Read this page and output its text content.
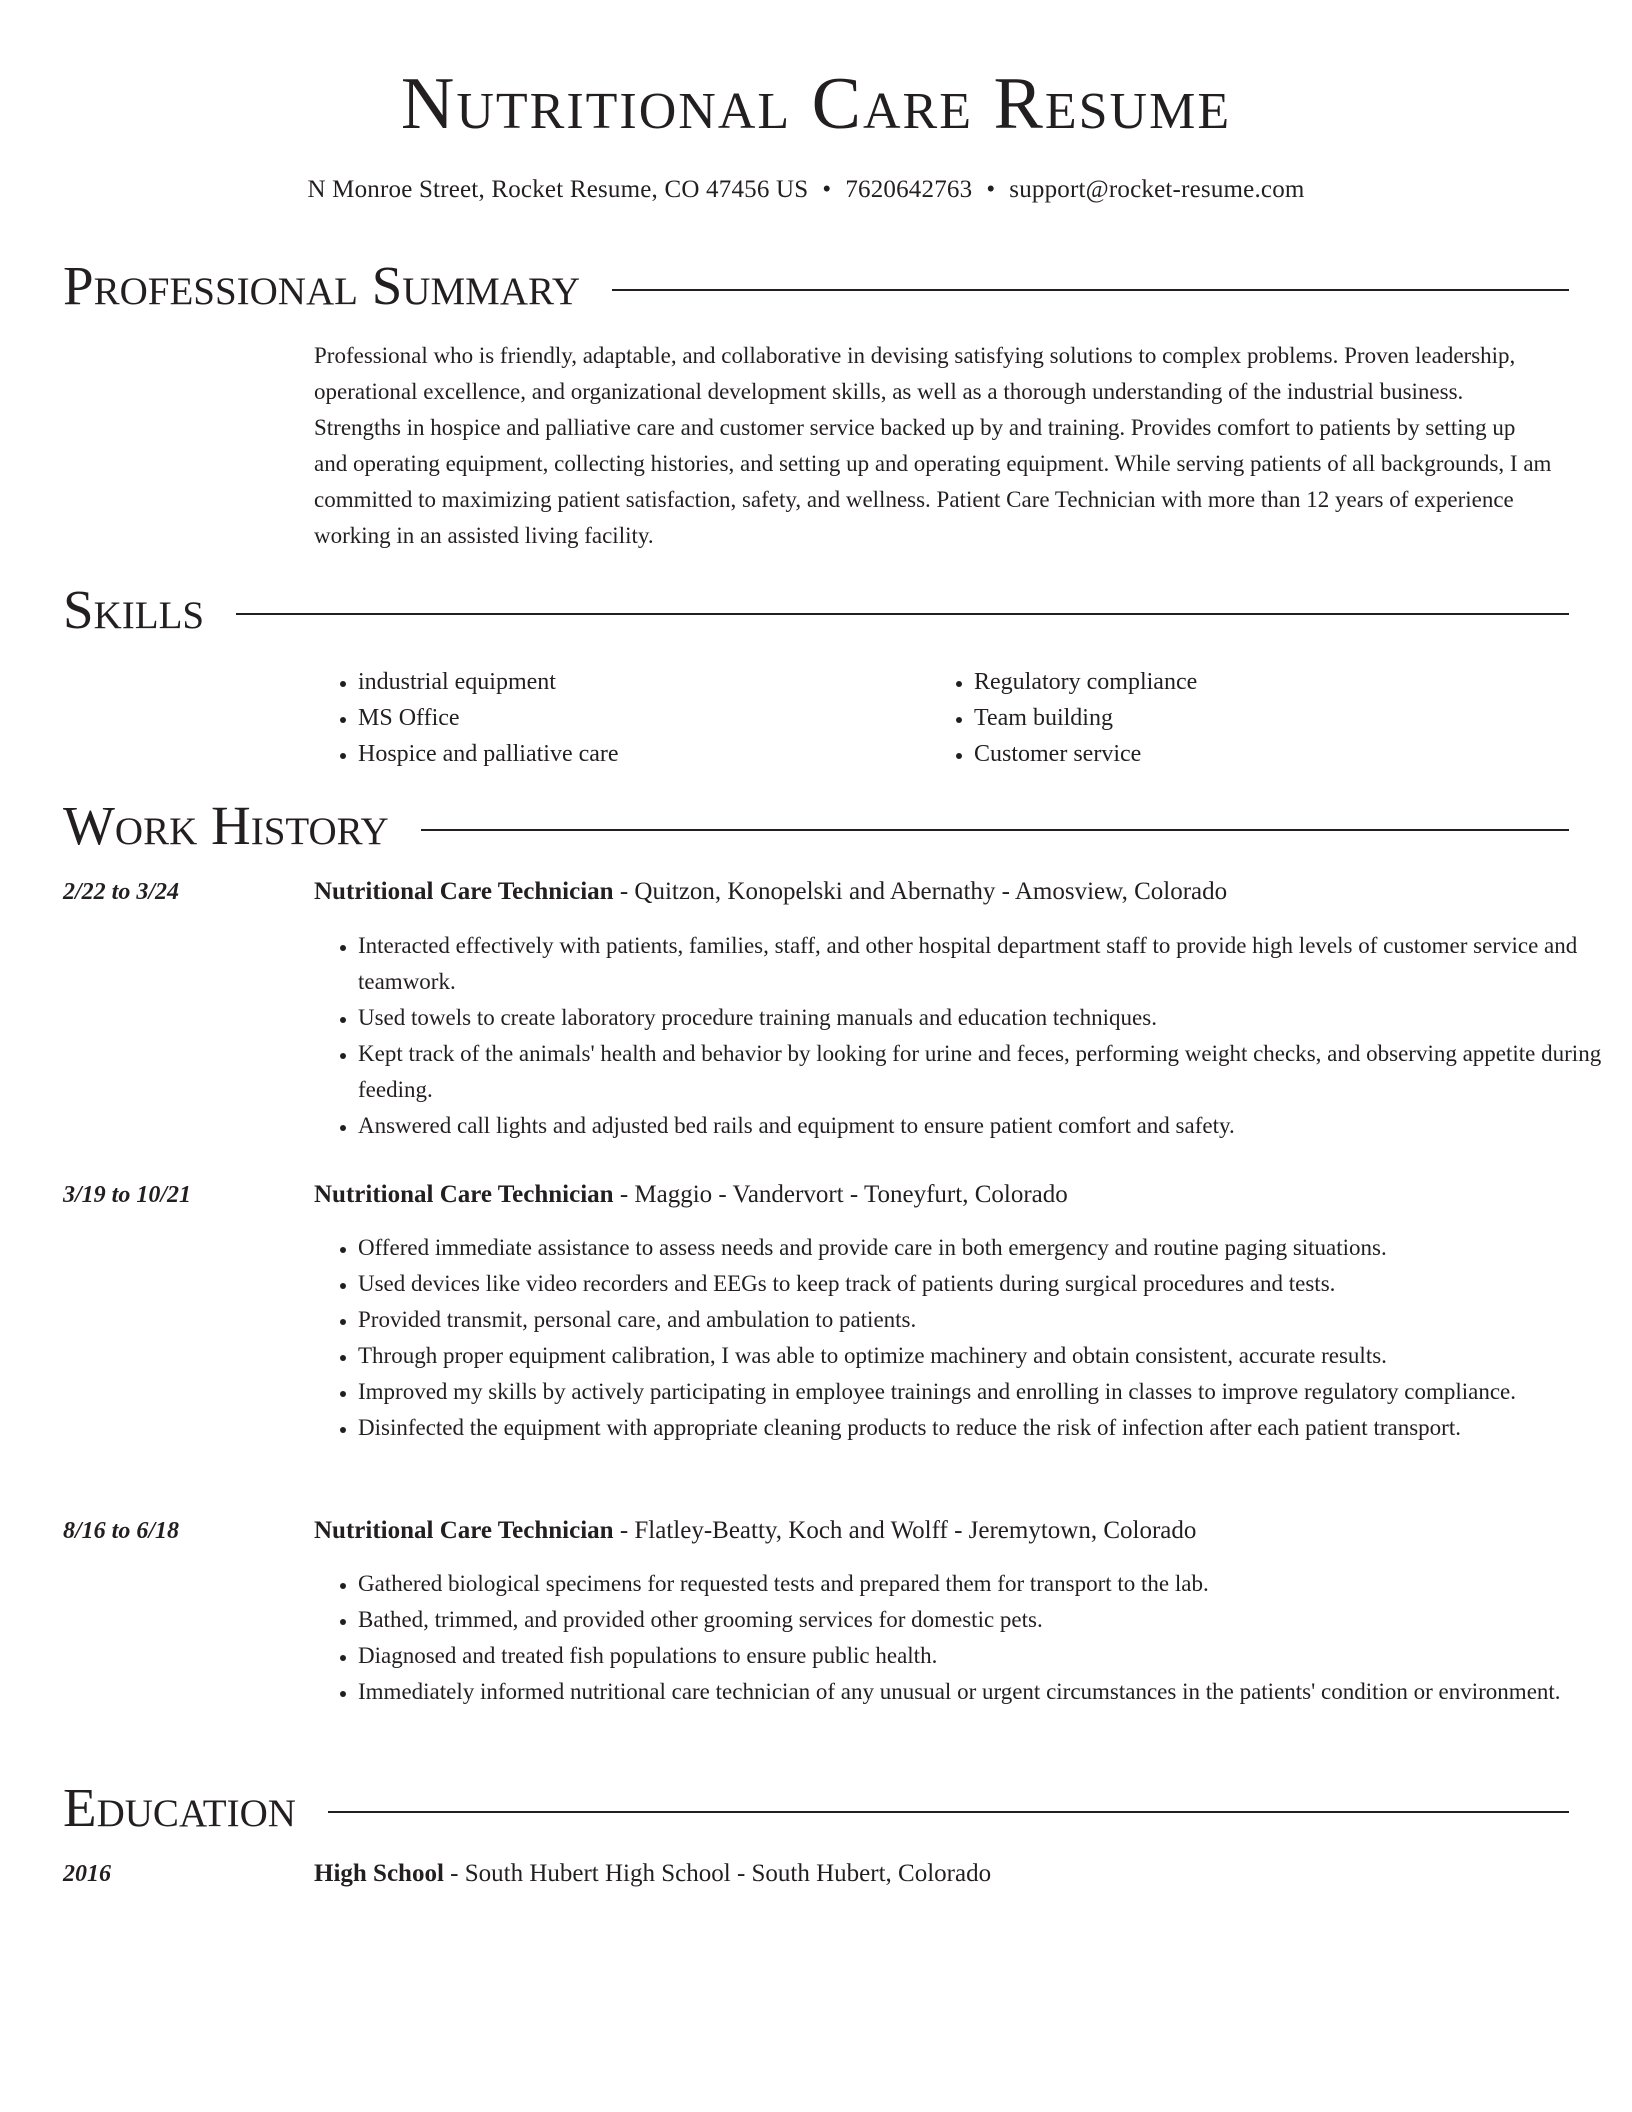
Nutritional Care Resume
N Monroe Street, Rocket Resume, CO 47456 US • 7620642763 • support@rocket-resume.com
Professional Summary

Professional who is friendly, adaptable, and collaborative in devising satisfying solutions to complex problems. Proven leadership, operational excellence, and organizational development skills, as well as a thorough understanding of the industrial business. Strengths in hospice and palliative care and customer service backed up by and training. Provides comfort to patients by setting up and operating equipment, collecting histories, and setting up and operating equipment. While serving patients of all backgrounds, I am committed to maximizing patient satisfaction, safety, and wellness. Patient Care Technician with more than 12 years of experience working in an assisted living facility.

Skills
• industrial equipment
• MS Office
• Hospice and palliative care
• Regulatory compliance
• Team building
• Customer service
Work History
2/22 to 3/24	Nutritional Care Technician - Quitzon, Konopelski and Abernathy - Amosview, Colorado
• Interacted effectively with patients, families, staff, and other hospital department staff to provide high levels of customer service and teamwork.
• Used towels to create laboratory procedure training manuals and education techniques.
• Kept track of the animals' health and behavior by looking for urine and feces, performing weight checks, and observing appetite during feeding.
• Answered call lights and adjusted bed rails and equipment to ensure patient comfort and safety.
3/19 to 10/21	Nutritional Care Technician - Maggio - Vandervort - Toneyfurt, Colorado
• Offered immediate assistance to assess needs and provide care in both emergency and routine paging situations.
• Used devices like video recorders and EEGs to keep track of patients during surgical procedures and tests.
• Provided transmit, personal care, and ambulation to patients.
• Through proper equipment calibration, I was able to optimize machinery and obtain consistent, accurate results.
• Improved my skills by actively participating in employee trainings and enrolling in classes to improve regulatory compliance.
• Disinfected the equipment with appropriate cleaning products to reduce the risk of infection after each patient transport.
8/16 to 6/18	Nutritional Care Technician - Flatley-Beatty, Koch and Wolff - Jeremytown, Colorado
• Gathered biological specimens for requested tests and prepared them for transport to the lab.
• Bathed, trimmed, and provided other grooming services for domestic pets.
• Diagnosed and treated fish populations to ensure public health.
• Immediately informed nutritional care technician of any unusual or urgent circumstances in the patients' condition or environment.
Education
2016	High School - South Hubert High School - South Hubert, Colorado
